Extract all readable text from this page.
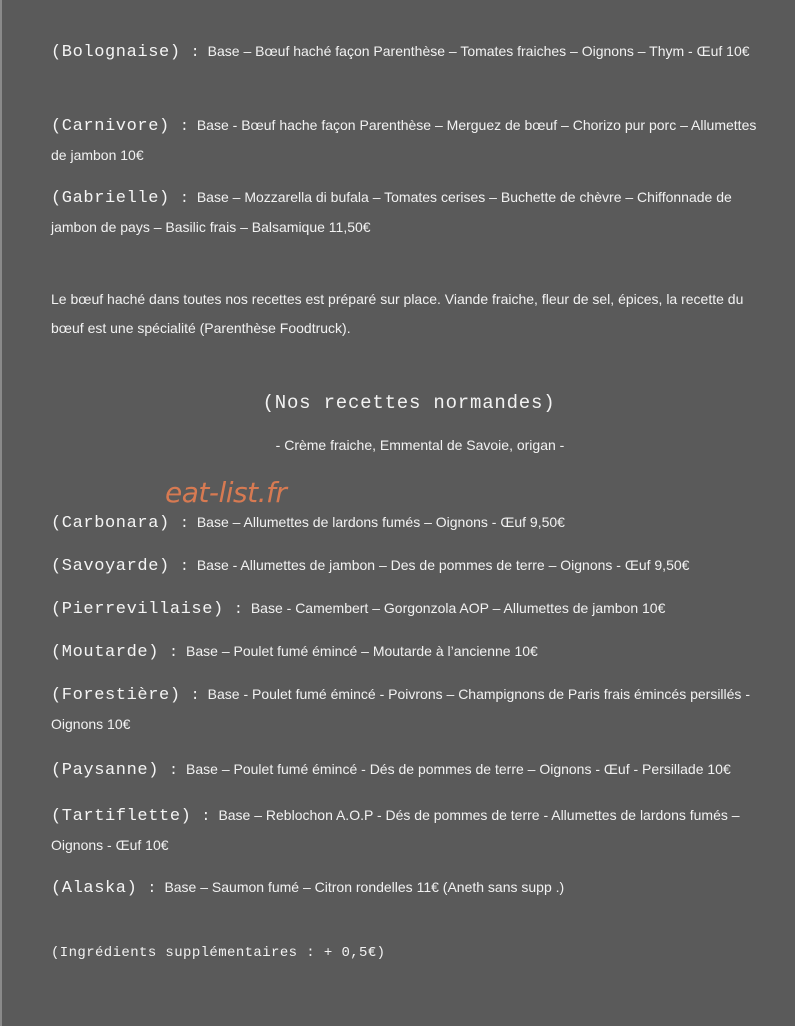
(Bolognaise) : Base – Bœuf haché façon Parenthèse – Tomates fraiches – Oignons – Thym - Œuf 10€
(Carnivore) : Base - Bœuf hache façon Parenthèse – Merguez de bœuf – Chorizo pur porc – Allumettes de jambon 10€
(Gabrielle) : Base – Mozzarella di bufala – Tomates cerises – Buchette de chèvre – Chiffonnade de jambon de pays – Basilic frais – Balsamique 11,50€
Le bœuf haché dans toutes nos recettes est préparé sur place. Viande fraiche, fleur de sel, épices, la recette du bœuf est une spécialité (Parenthèse Foodtruck).
(Nos recettes normandes)
- Crème fraiche, Emmental de Savoie, origan -
eat-list.fr
(Carbonara) : Base – Allumettes de lardons fumés – Oignons - Œuf 9,50€
(Savoyarde) : Base - Allumettes de jambon – Des de pommes de terre – Oignons - Œuf 9,50€
(Pierrevillaise) : Base - Camembert – Gorgonzola AOP – Allumettes de jambon 10€
(Moutarde) : Base – Poulet fumé émincé – Moutarde à l’ancienne 10€
(Forestière) : Base - Poulet fumé émincé - Poivrons – Champignons de Paris frais émincés persillés - Oignons 10€
(Paysanne) : Base – Poulet fumé émincé - Dés de pommes de terre – Oignons - Œuf - Persillade 10€
(Tartiflette) : Base – Reblochon A.O.P - Dés de pommes de terre - Allumettes de lardons fumés – Oignons - Œuf 10€
(Alaska) : Base – Saumon fumé – Citron rondelles 11€ (Aneth sans supp .)
(Ingrédients supplémentaires : + 0,5€)
